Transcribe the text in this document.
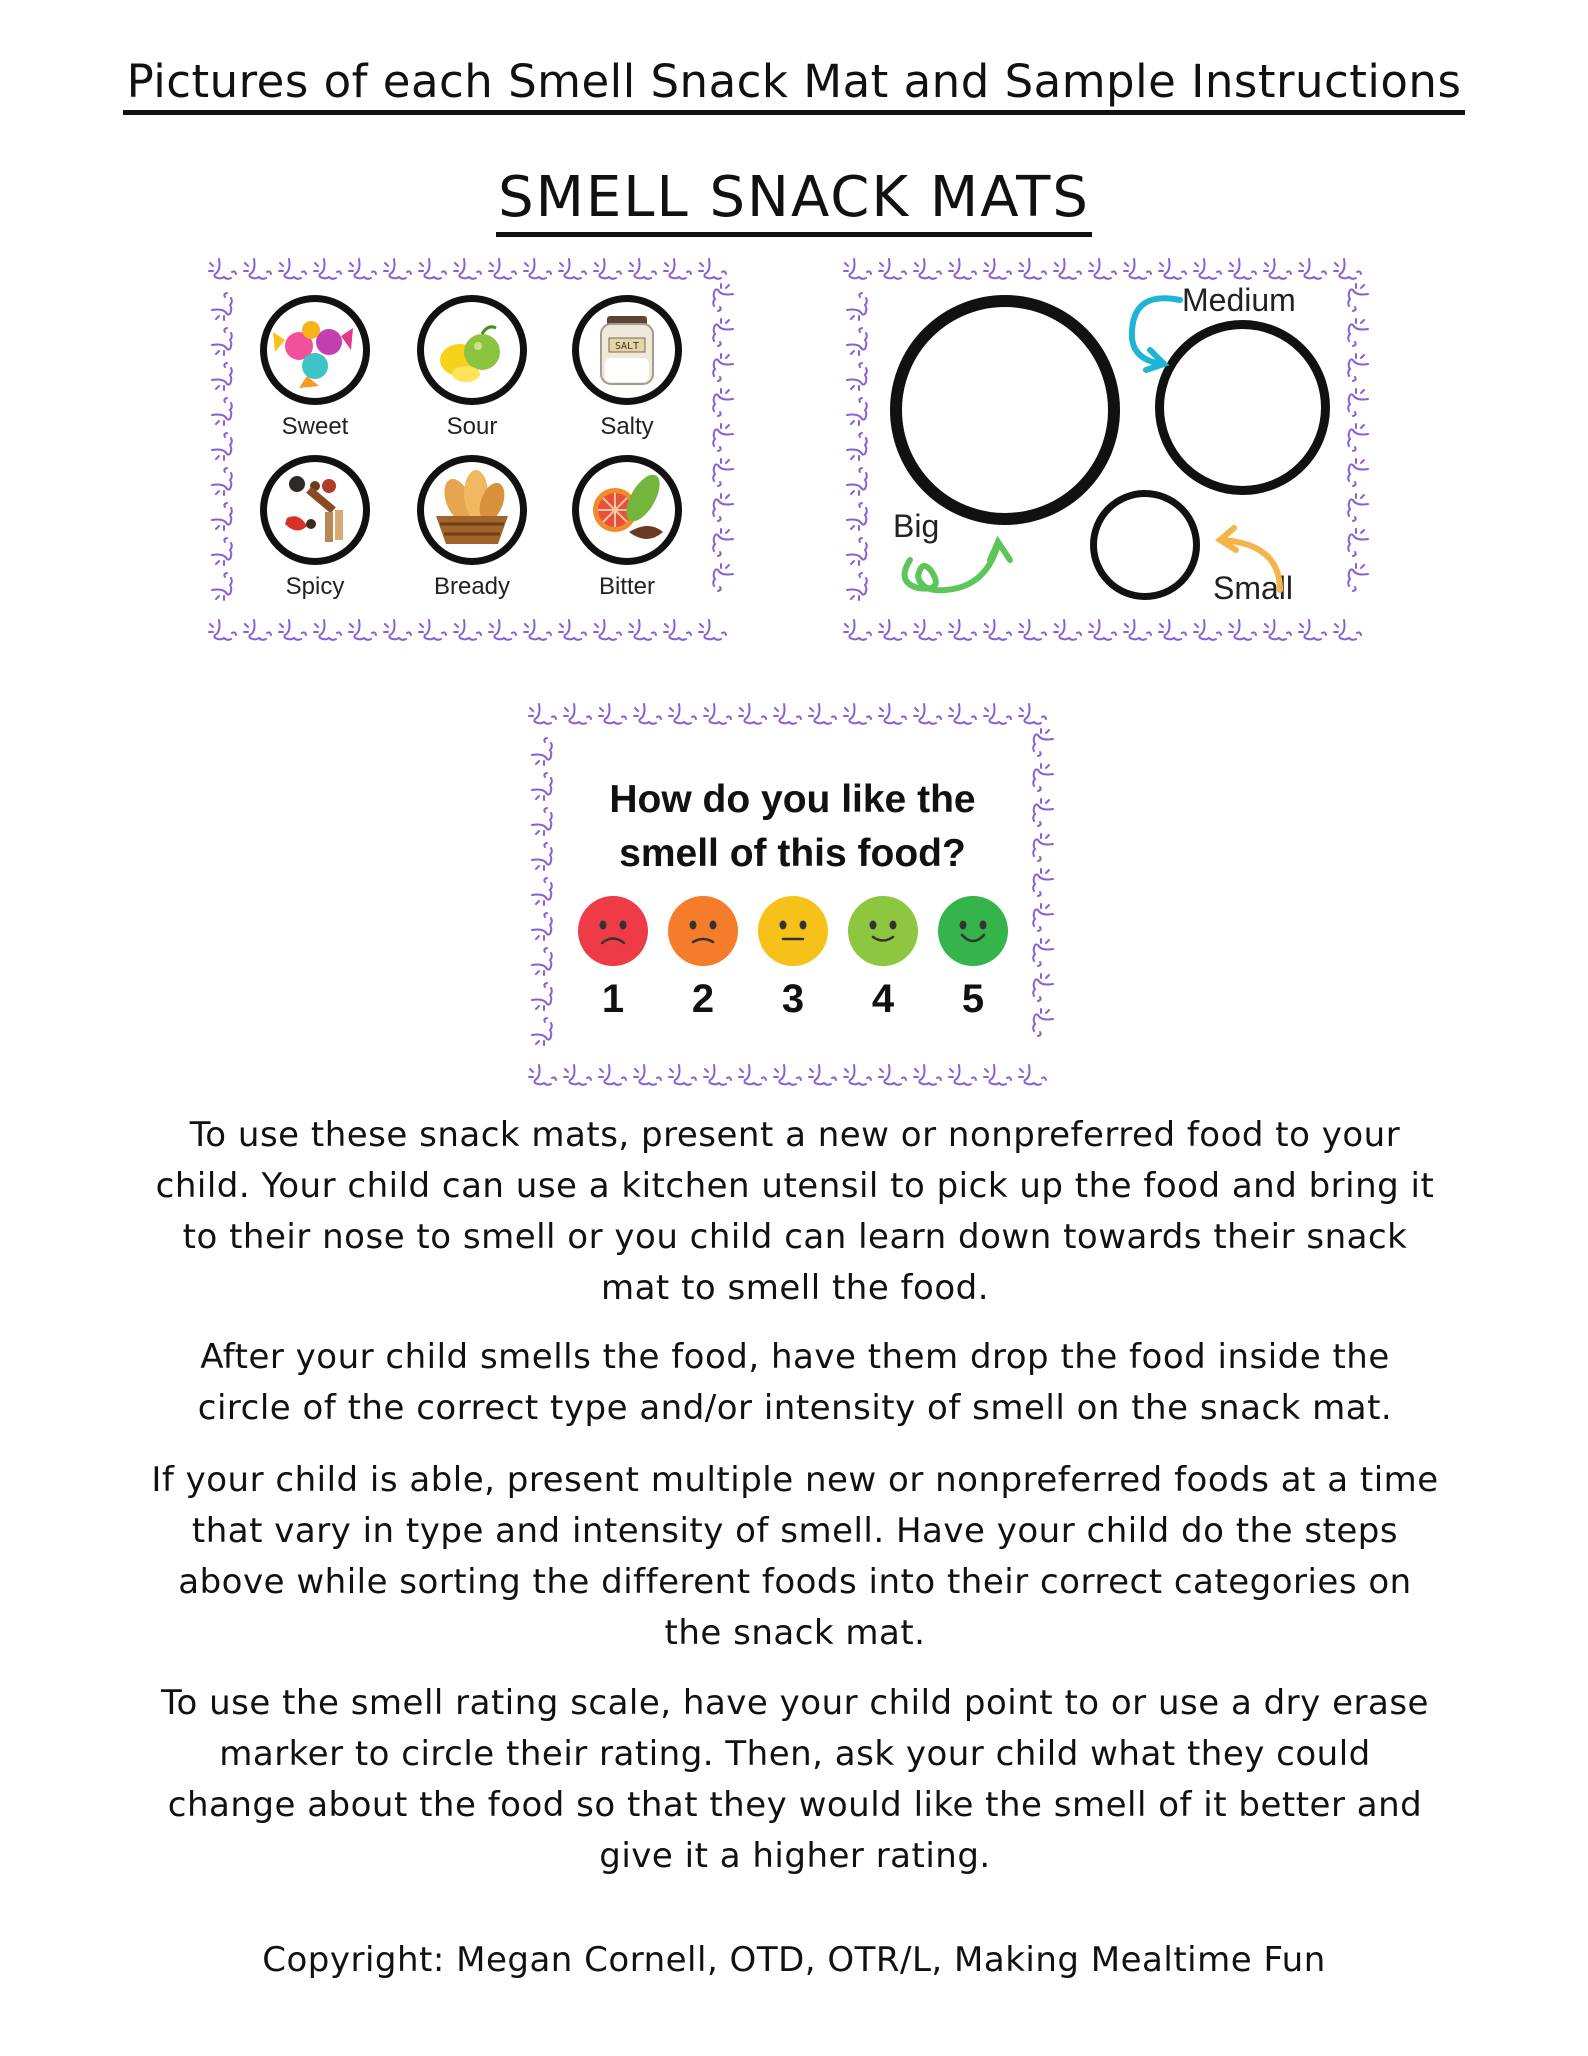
Pictures of each Smell Snack Mat and Sample Instructions
SMELL SNACK MATS
SALT
Sweet	Sour	Salty
Spicy	Bready	Bitter
Medium
Big
Small
How do you like the
smell of this food?
1	2	3	4	5
To use these snack mats, present a new or nonpreferred food to your child. Your child can use a kitchen utensil to pick up the food and bring it to their nose to smell or you child can learn down towards their snack mat to smell the food.
After your child smells the food, have them drop the food inside the circle of the correct type and/or intensity of smell on the snack mat.
If your child is able, present multiple new or nonpreferred foods at a time that vary in type and intensity of smell. Have your child do the steps above while sorting the different foods into their correct categories on the snack mat.
To use the smell rating scale, have your child point to or use a dry erase marker to circle their rating. Then, ask your child what they could change about the food so that they would like the smell of it better and give it a higher rating.
Copyright: Megan Cornell, OTD, OTR/L, Making Mealtime Fun
